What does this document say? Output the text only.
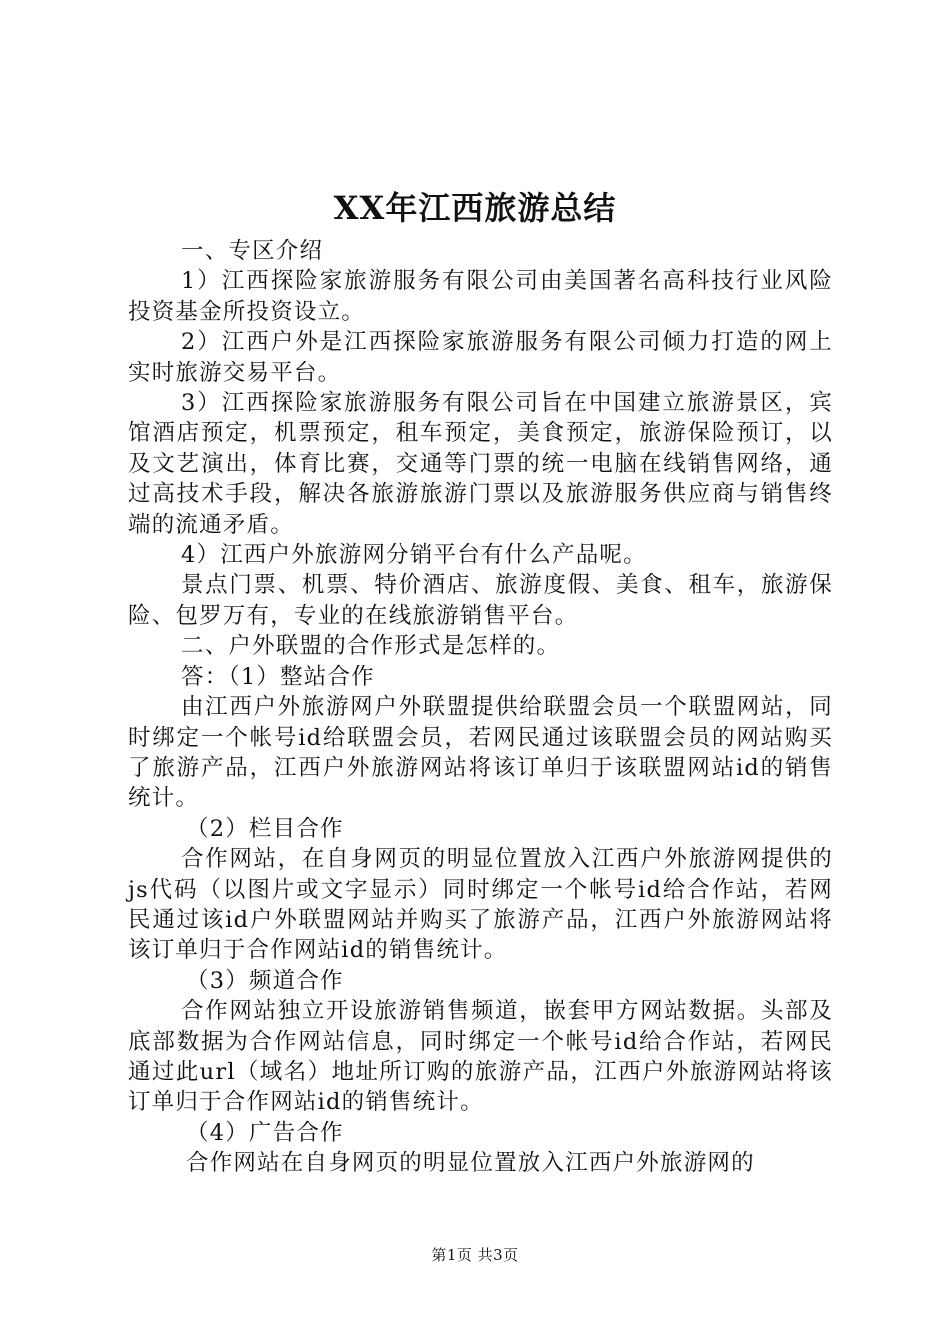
XX年江西旅游总结

一、专区介绍

1）江西探险家旅游服务有限公司由美国著名高科技行业风险投资基金所投资设立。

2）江西户外是江西探险家旅游服务有限公司倾力打造的网上实时旅游交易平台。

3）江西探险家旅游服务有限公司旨在中国建立旅游景区，宾馆酒店预定，机票预定，租车预定，美食预定，旅游保险预订，以及文艺演出，体育比赛，交通等门票的统一电脑在线销售网络，通过高技术手段，解决各旅游旅游门票以及旅游服务供应商与销售终端的流通矛盾。

4）江西户外旅游网分销平台有什么产品呢。

景点门票、机票、特价酒店、旅游度假、美食、租车，旅游保险、包罗万有，专业的在线旅游销售平台。

二、户外联盟的合作形式是怎样的。

答：（1）整站合作

由江西户外旅游网户外联盟提供给联盟会员一个联盟网站，同时绑定一个帐号id给联盟会员，若网民通过该联盟会员的网站购买了旅游产品，江西户外旅游网站将该订单归于该联盟网站id的销售统计。

（2）栏目合作

合作网站，在自身网页的明显位置放入江西户外旅游网提供的js代码（以图片或文字显示）同时绑定一个帐号id给合作站，若网民通过该id户外联盟网站并购买了旅游产品，江西户外旅游网站将该订单归于合作网站id的销售统计。

（3）频道合作

合作网站独立开设旅游销售频道，嵌套甲方网站数据。头部及底部数据为合作网站信息，同时绑定一个帐号id给合作站，若网民通过此url（域名）地址所订购的旅游产品，江西户外旅游网站将该订单归于合作网站id的销售统计。

（4）广告合作

合作网站在自身网页的明显位置放入江西户外旅游网的

第1页 共3页
